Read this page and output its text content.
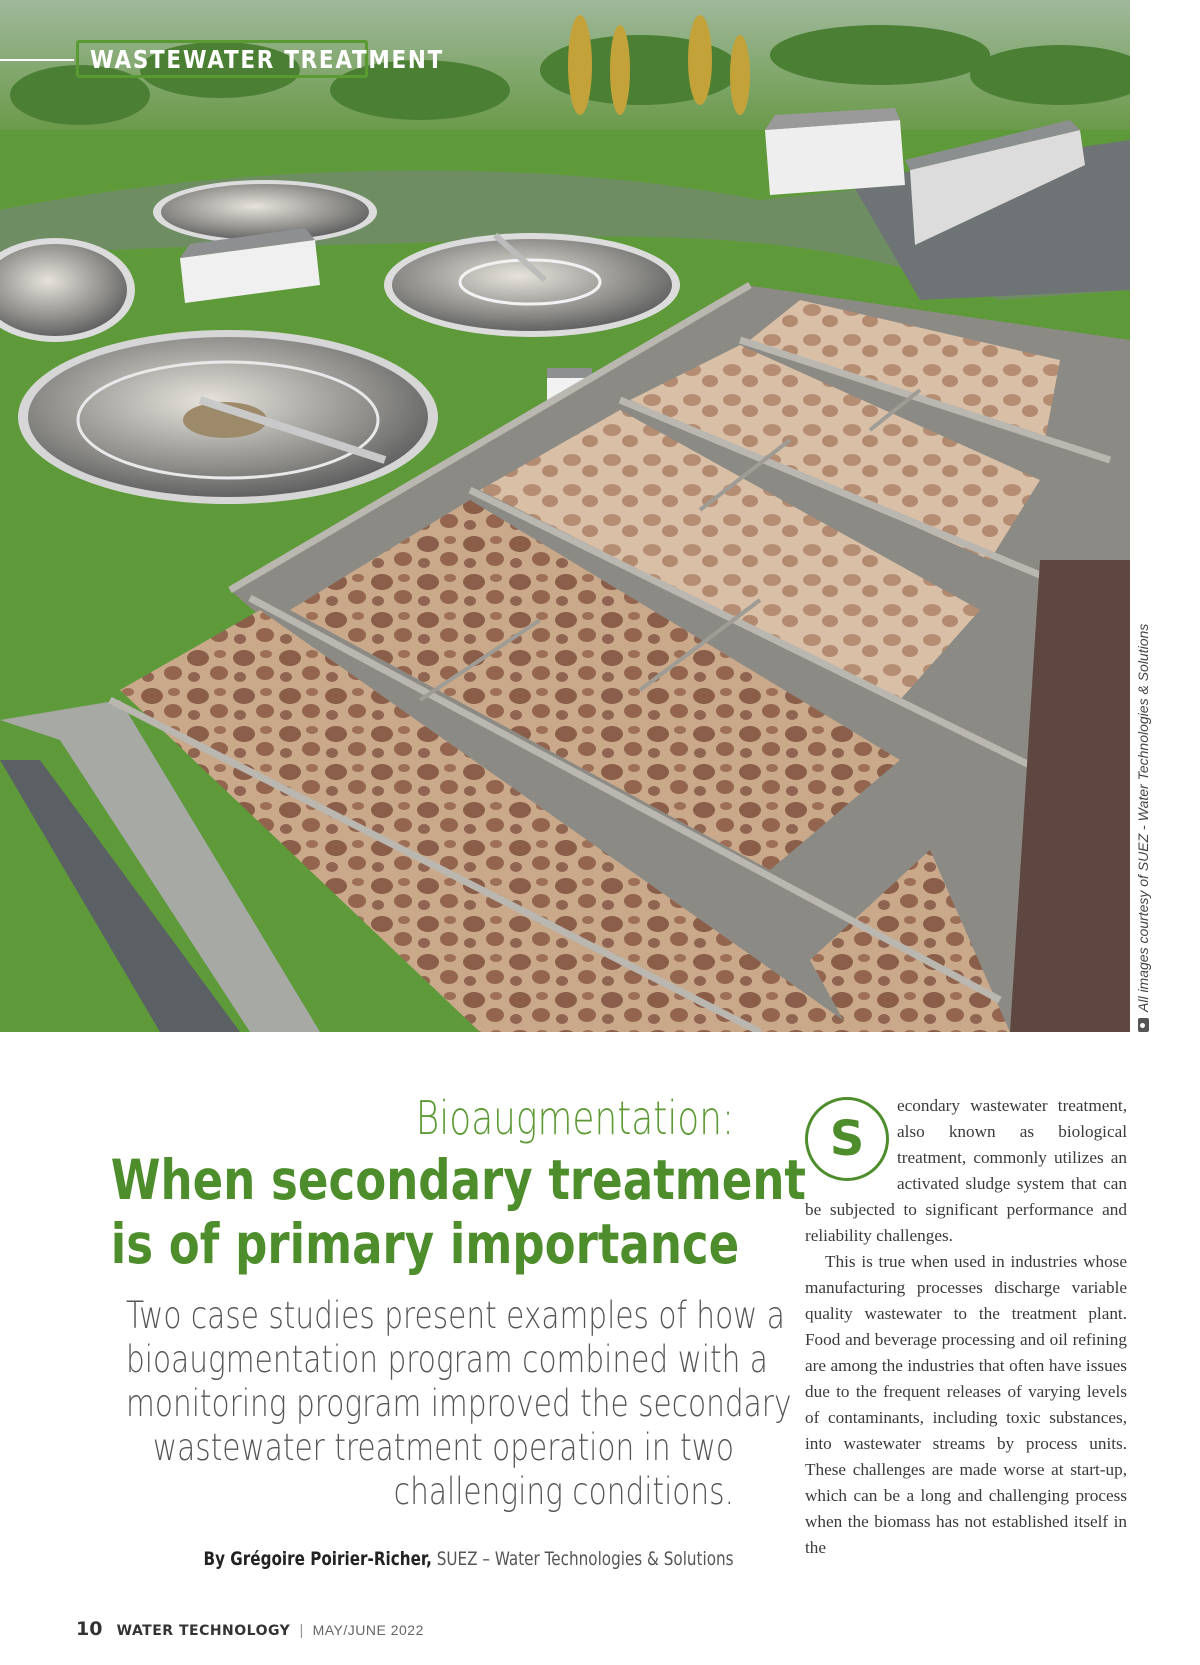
WASTEWATER TREATMENT
All images courtesy of SUEZ - Water Technologies & Solutions
Bioaugmentation:
When secondary treatment
is of primary importance
Two case studies present examples of how a
bioaugmentation program combined with a
monitoring program improved the secondary
wastewater treatment operation in two
challenging conditions.
By Grégoire Poirier-Richer, SUEZ – Water Technologies & Solutions
S

econdary wastewater treatment, also known as biological treatment, commonly utilizes an activated sludge system that can be subjected to significant performance and reliability challenges.

This is true when used in industries whose manufacturing processes discharge variable quality wastewater to the treatment plant. Food and beverage processing and oil refining are among the industries that often have issues due to the frequent releases of varying levels of contaminants, including toxic substances, into wastewater streams by process units. These challenges are made worse at start-up, which can be a long and challenging process when the biomass has not established itself in the

10 WATER TECHNOLOGY | MAY/JUNE 2022
